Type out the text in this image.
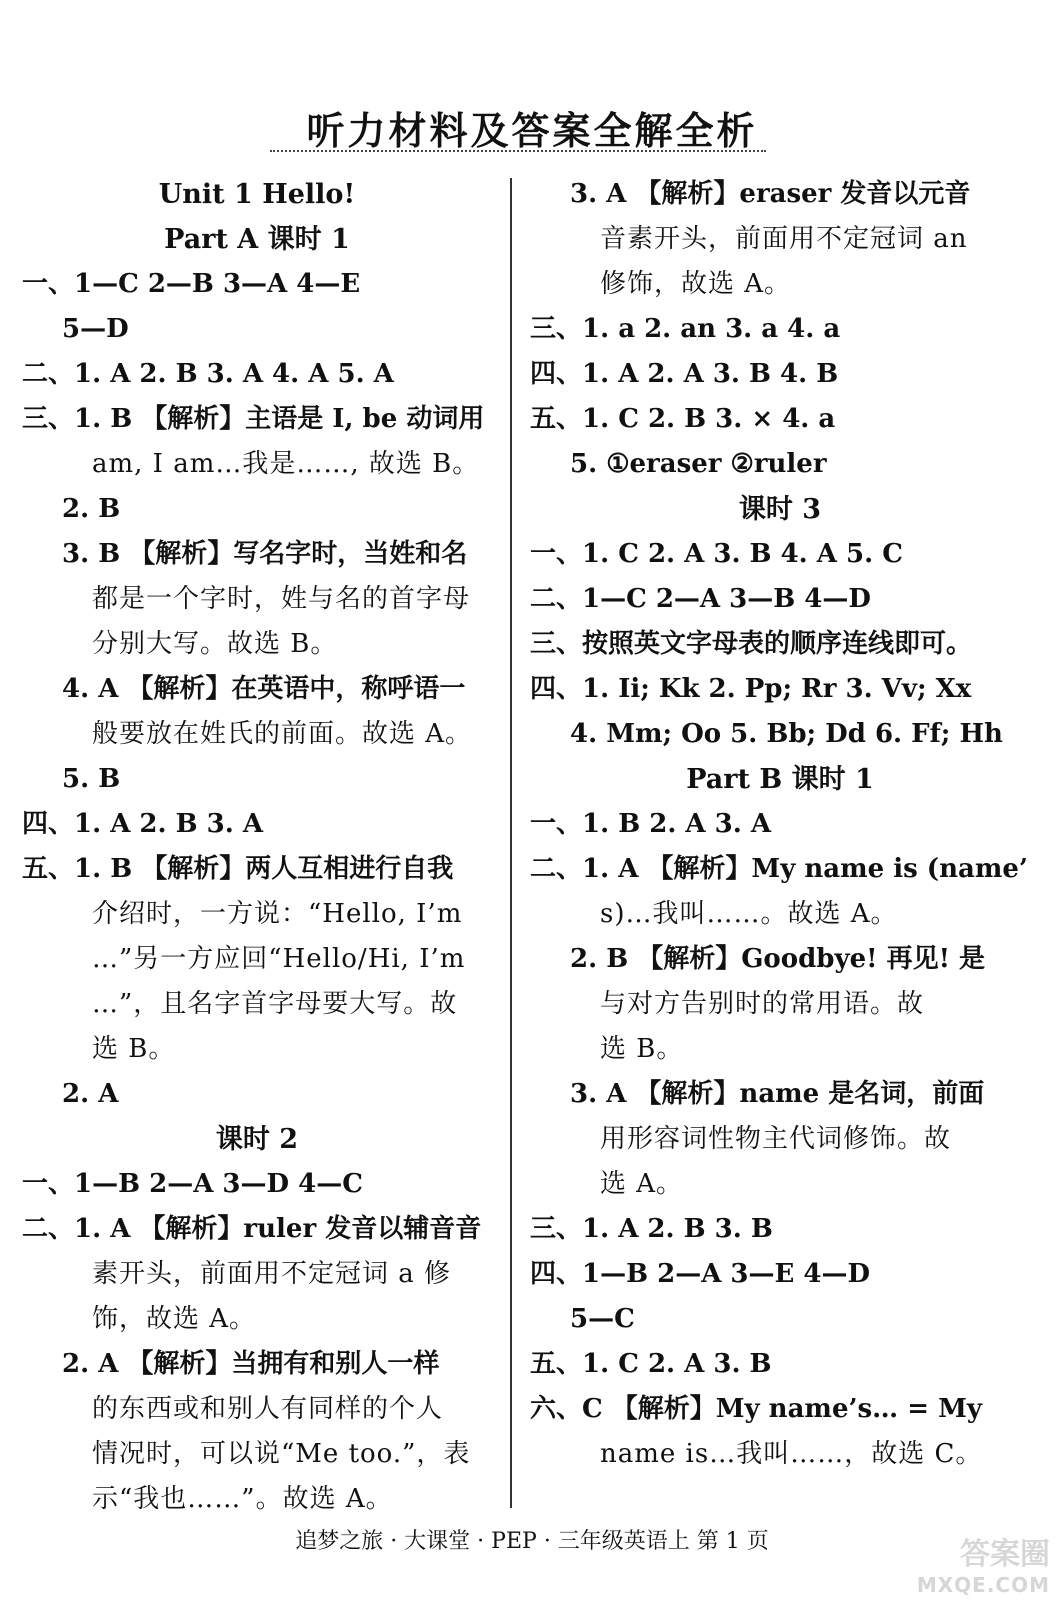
听力材料及答案全解全析
Unit 1 Hello!
Part A 课时 1
一、1—C 2—B 3—A 4—E
5—D
二、1. A 2. B 3. A 4. A 5. A
三、1. B 【解析】主语是 I, be 动词用
am, I am…我是……, 故选 B。
2. B
3. B 【解析】写名字时，当姓和名
都是一个字时，姓与名的首字母
分别大写。故选 B。
4. A 【解析】在英语中，称呼语一
般要放在姓氏的前面。故选 A。
5. B
四、1. A 2. B 3. A
五、1. B 【解析】两人互相进行自我
介绍时，一方说：“Hello, I’m
…”另一方应回“Hello/Hi, I’m
…”，且名字首字母要大写。故
选 B。
2. A
课时 2
一、1—B 2—A 3—D 4—C
二、1. A 【解析】ruler 发音以辅音音
素开头，前面用不定冠词 a 修
饰，故选 A。
2. A 【解析】当拥有和别人一样
的东西或和别人有同样的个人
情况时，可以说“Me too.”，表
示“我也……”。故选 A。
3. A 【解析】eraser 发音以元音
音素开头，前面用不定冠词 an
修饰，故选 A。
三、1. a 2. an 3. a 4. a
四、1. A 2. A 3. B 4. B
五、1. C 2. B 3. × 4. a
5. ①eraser ②ruler
课时 3
一、1. C 2. A 3. B 4. A 5. C
二、1—C 2—A 3—B 4—D
三、按照英文字母表的顺序连线即可。
四、1. Ii; Kk 2. Pp; Rr 3. Vv; Xx
4. Mm; Oo 5. Bb; Dd 6. Ff; Hh
Part B 课时 1
一、1. B 2. A 3. A
二、1. A 【解析】My name is (name’
s)…我叫……。故选 A。
2. B 【解析】Goodbye! 再见! 是
与对方告别时的常用语。故
选 B。
3. A 【解析】name 是名词，前面
用形容词性物主代词修饰。故
选 A。
三、1. A 2. B 3. B
四、1—B 2—A 3—E 4—D
5—C
五、1. C 2. A 3. B
六、C 【解析】My name’s… = My
name is…我叫……，故选 C。
追梦之旅 · 大课堂 · PEP · 三年级英语上 第 1 页	答案圈
MXQE.COM
